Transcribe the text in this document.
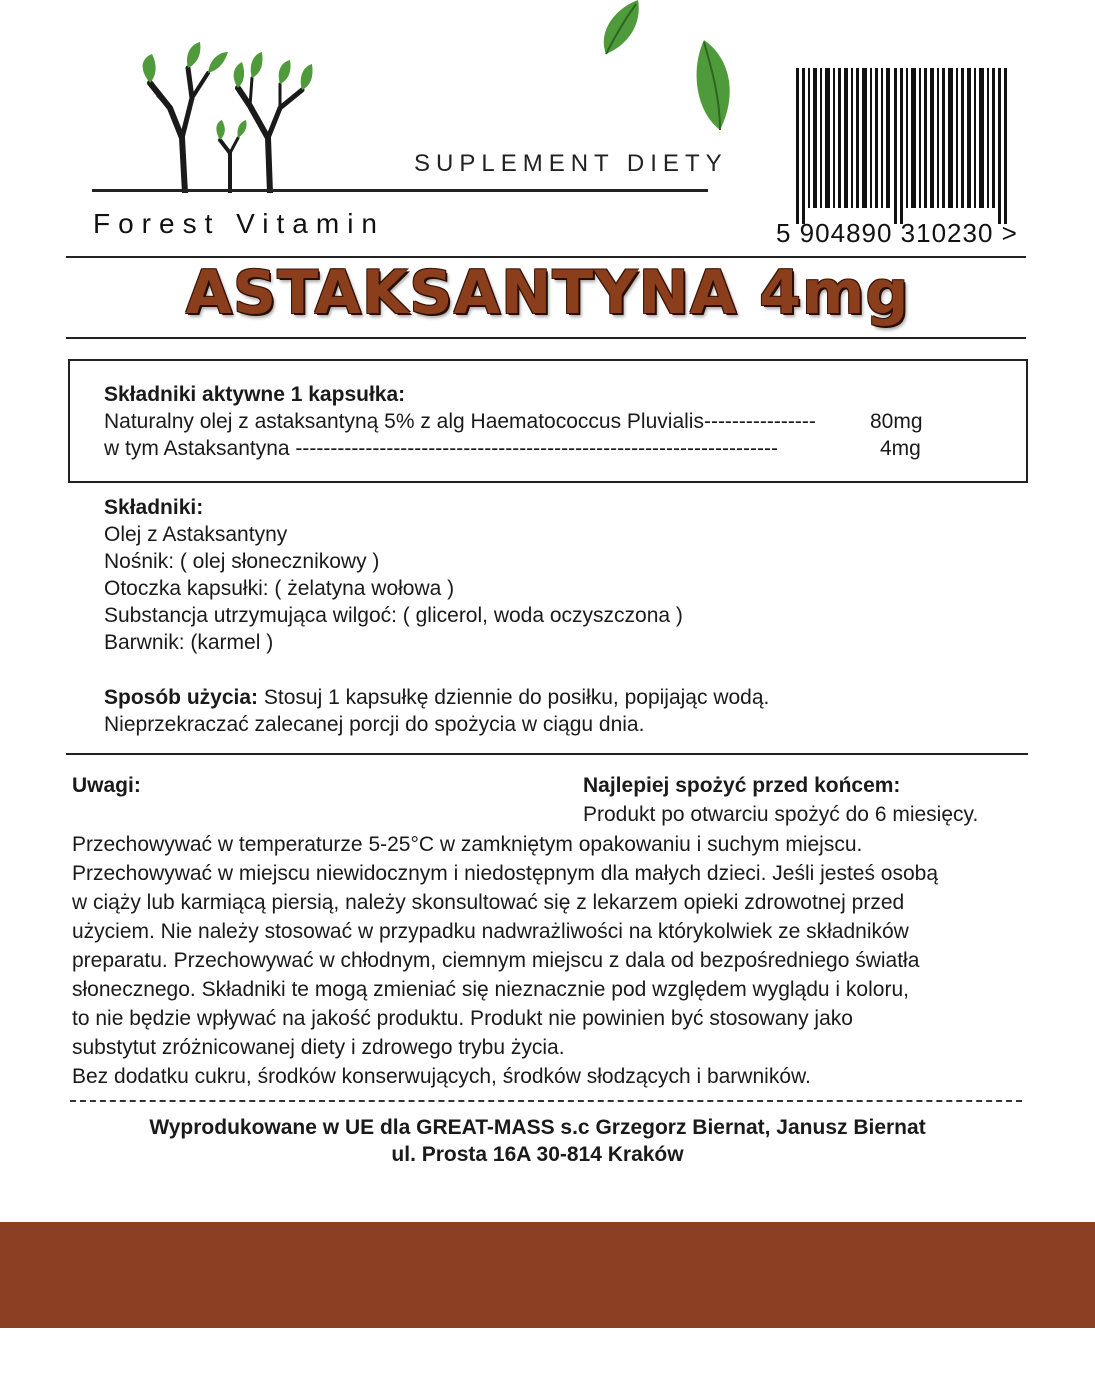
SUPLEMENT DIETY
Forest Vitamin	5 904890 310230 >
ASTAKSANTYNA 4mg
Składniki aktywne 1 kapsułka:
Naturalny olej z astaksantyną 5% z alg Haematococcus Pluvialis----------------	80mg
w tym Astaksantyna ---------------------------------------------------------------------	4mg
Składniki:
Olej z Astaksantyny
Nośnik: ( olej słonecznikowy )
Otoczka kapsułki: ( żelatyna wołowa )
Substancja utrzymująca wilgoć: ( glicerol, woda oczyszczona )
Barwnik: (karmel )
Sposób użycia: Stosuj 1 kapsułkę dziennie do posiłku, popijając wodą.
Nieprzekraczać zalecanej porcji do spożycia w ciągu dnia.
Uwagi:	Najlepiej spożyć przed końcem:
Produkt po otwarciu spożyć do 6 miesięcy.
Przechowywać w temperaturze 5-25°C w zamkniętym opakowaniu i suchym miejscu.
Przechowywać w miejscu niewidocznym i niedostępnym dla małych dzieci. Jeśli jesteś osobą
w ciąży lub karmiącą piersią, należy skonsultować się z lekarzem opieki zdrowotnej przed
użyciem. Nie należy stosować w przypadku nadwrażliwości na którykolwiek ze składników
preparatu. Przechowywać w chłodnym, ciemnym miejscu z dala od bezpośredniego światła
słonecznego. Składniki te mogą zmieniać się nieznacznie pod względem wyglądu i koloru,
to nie będzie wpływać na jakość produktu. Produkt nie powinien być stosowany jako
substytut zróżnicowanej diety i zdrowego trybu życia.
Bez dodatku cukru, środków konserwujących, środków słodzących i barwników.
Wyprodukowane w UE dla GREAT-MASS s.c Grzegorz Biernat, Janusz Biernat
ul. Prosta 16A 30-814 Kraków
